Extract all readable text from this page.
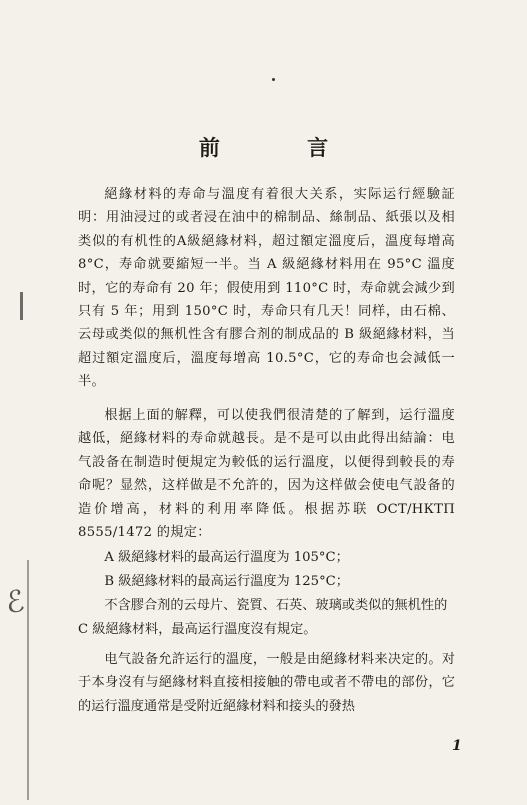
ℰ
前 言
絕緣材料的寿命与溫度有着很大关系，实际运行經驗証明：用油浸过的或者浸在油中的棉制品、絲制品、紙張以及相类似的有机性的A級絕緣材料，超过額定溫度后，溫度每增高 8°C，寿命就要縮短一半。当 A 級絕緣材料用在 95°C 溫度时，它的寿命有 20 年；假使用到 110°C 时，寿命就会減少到只有 5 年；用到 150°C 时，寿命只有几天！同样，由石棉、云母或类似的無机性含有膠合剂的制成品的 B 級絕緣材料，当超过額定溫度后，溫度每增高 10.5°C，它的寿命也会減低一半。
根据上面的解釋，可以使我們很清楚的了解到，运行溫度越低，絕緣材料的寿命就越長。是不是可以由此得出結論：电气設备在制造时便規定为較低的运行溫度，以便得到較長的寿命呢？显然，这样做是不允許的，因为这样做会使电气設备的造价增高，材料的利用率降低。根据苏联 OCT/НКТП 8555/1472 的規定：
A 級絕緣材料的最高运行溫度为 105°C；
B 級絕緣材料的最高运行溫度为 125°C；
不含膠合剂的云母片、瓷質、石英、玻璃或类似的無机性的 C 級絕緣材料，最高运行溫度沒有規定。
电气設备允許运行的溫度，一般是由絕緣材料来决定的。对于本身沒有与絕緣材料直接相接触的帶电或者不帶电的部份，它的运行溫度通常是受附近絕緣材料和接头的發热
1
